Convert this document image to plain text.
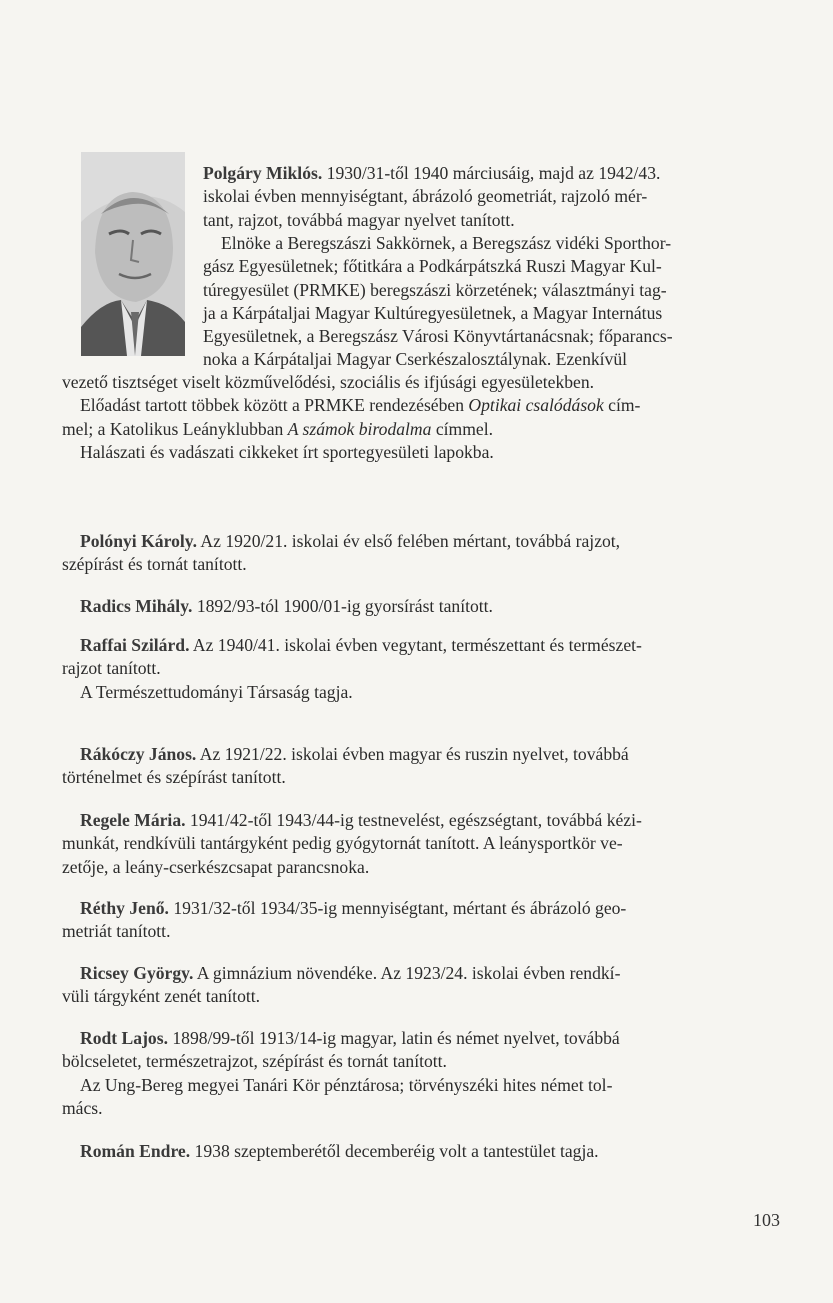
Polgáry Miklós. 1930/31-től 1940 márciusáig, majd az 1942/43.
iskolai évben mennyiségtant, ábrázoló geometriát, rajzoló mér-
tant, rajzot, továbbá magyar nyelvet tanított.

Elnöke a Beregszászi Sakkörnek, a Beregszász vidéki Sporthor-
gász Egyesületnek; főtitkára a Podkárpátszká Ruszi Magyar Kul-
túregyesület (PRMKE) beregszászi körzetének; választmányi tag-
ja a Kárpátaljai Magyar Kultúregyesületnek, a Magyar Internátus
Egyesületnek, a Beregszász Városi Könyvtártanácsnak; főparancs-
noka a Kárpátaljai Magyar Cserkészalosztálynak. Ezenkívül

vezető tisztséget viselt közművelődési, szociális és ifjúsági egyesületekben.
Előadást tartott többek között a PRMKE rendezésében Optikai csalódások cím-
mel; a Katolikus Leányklubban A számok birodalma címmel.
Halászati és vadászati cikkeket írt sportegyesületi lapokba.

Polónyi Károly. Az 1920/21. iskolai év első felében mértant, továbbá rajzot,
szépírást és tornát tanított.

Radics Mihály. 1892/93-tól 1900/01-ig gyorsírást tanított.

Raffai Szilárd. Az 1940/41. iskolai évben vegytant, természettant és természet-
rajzot tanított.
A Természettudományi Társaság tagja.

Rákóczy János. Az 1921/22. iskolai évben magyar és ruszin nyelvet, továbbá
történelmet és szépírást tanított.

Regele Mária. 1941/42-től 1943/44-ig testnevelést, egészségtant, továbbá kézi-
munkát, rendkívüli tantárgyként pedig gyógytornát tanított. A leánysportkör ve-
zetője, a leány-cserkészcsapat parancsnoka.

Réthy Jenő. 1931/32-től 1934/35-ig mennyiségtant, mértant és ábrázoló geo-
metriát tanított.

Ricsey György. A gimnázium növendéke. Az 1923/24. iskolai évben rendkí-
vüli tárgyként zenét tanított.

Rodt Lajos. 1898/99-től 1913/14-ig magyar, latin és német nyelvet, továbbá
bölcseletet, természetrajzot, szépírást és tornát tanított.
Az Ung-Bereg megyei Tanári Kör pénztárosa; törvényszéki hites német tol-
mács.

Román Endre. 1938 szeptemberétől decemberéig volt a tantestület tagja.

103
